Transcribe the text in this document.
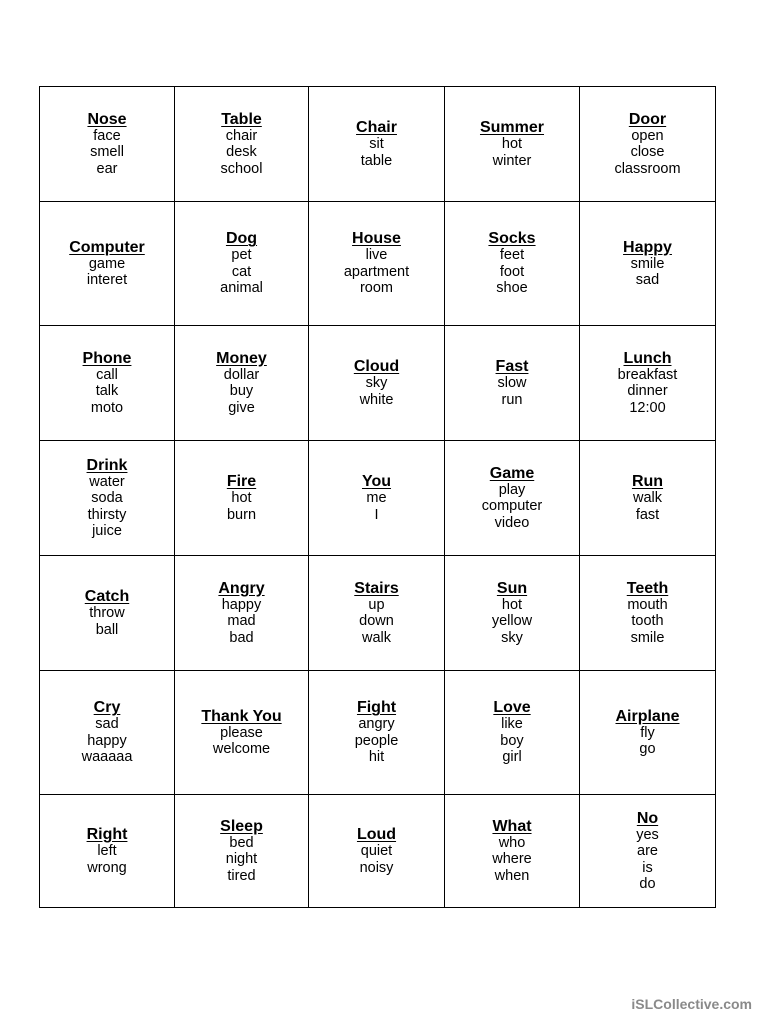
Nose
face
smell
ear	Table
chair
desk
school	Chair
sit
table	Summer
hot
winter	Door
open
close
classroom

Computer
game
interet	Dog
pet
cat
animal	House
live
apartment
room	Socks
feet
foot
shoe	Happy
smile
sad

Phone
call
talk
moto	Money
dollar
buy
give	Cloud
sky
white	Fast
slow
run	Lunch
breakfast
dinner
12:00

Drink
water
soda
thirsty
juice	Fire
hot
burn	You
me
I	Game
play
computer
video	Run
walk
fast

Catch
throw
ball	Angry
happy
mad
bad	Stairs
up
down
walk	Sun
hot
yellow
sky	Teeth
mouth
tooth
smile

Cry
sad
happy
waaaaa	Thank You
please
welcome	Fight
angry
people
hit	Love
like
boy
girl	Airplane
fly
go

Right
left
wrong	Sleep
bed
night
tired	Loud
quiet
noisy	What
who
where
when	No
yes
are
is
do
iSLCollective.com
